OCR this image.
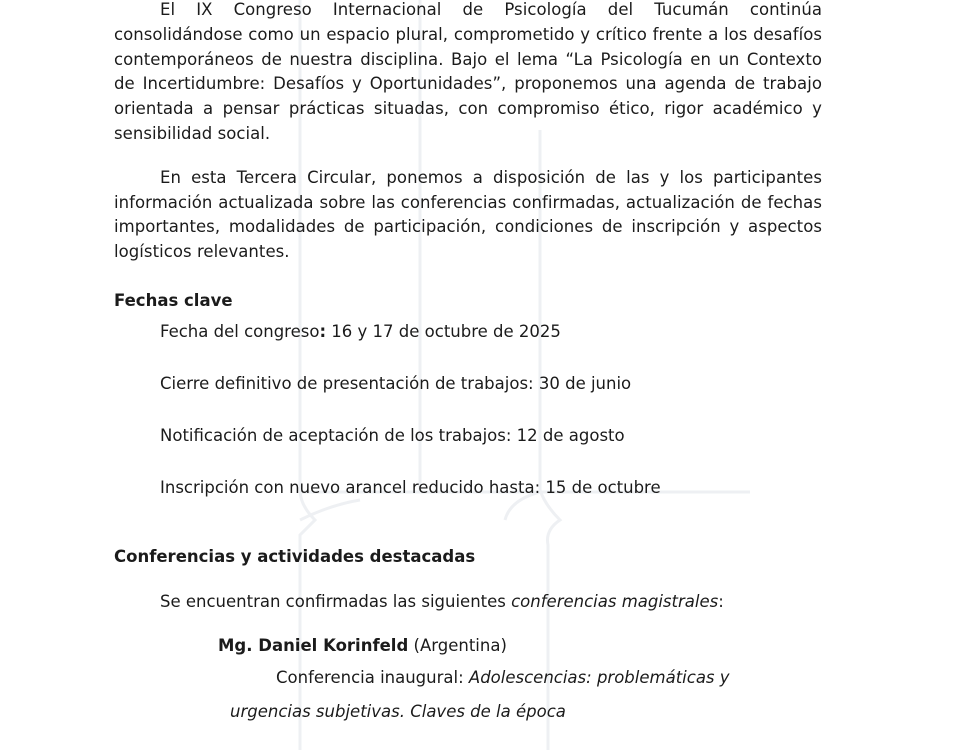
El IX Congreso Internacional de Psicología del Tucumán continúa consolidándose como un espacio plural, comprometido y crítico frente a los desafíos contemporáneos de nuestra disciplina. Bajo el lema “La Psicología en un Contexto de Incertidumbre: Desafíos y Oportunidades”, proponemos una agenda de trabajo orientada a pensar prácticas situadas, con compromiso ético, rigor académico y sensibilidad social.

En esta Tercera Circular, ponemos a disposición de las y los participantes información actualizada sobre las conferencias confirmadas, actualización de fechas importantes, modalidades de participación, condiciones de inscripción y aspectos logísticos relevantes.

Fechas clave

Fecha del congreso: 16 y 17 de octubre de 2025

Cierre definitivo de presentación de trabajos: 30 de junio

Notificación de aceptación de los trabajos: 12 de agosto

Inscripción con nuevo arancel reducido hasta: 15 de octubre

Conferencias y actividades destacadas

Se encuentran confirmadas las siguientes conferencias magistrales:

Mg. Daniel Korinfeld (Argentina)

Conferencia inaugural: Adolescencias: problemáticas y

urgencias subjetivas. Claves de la época
